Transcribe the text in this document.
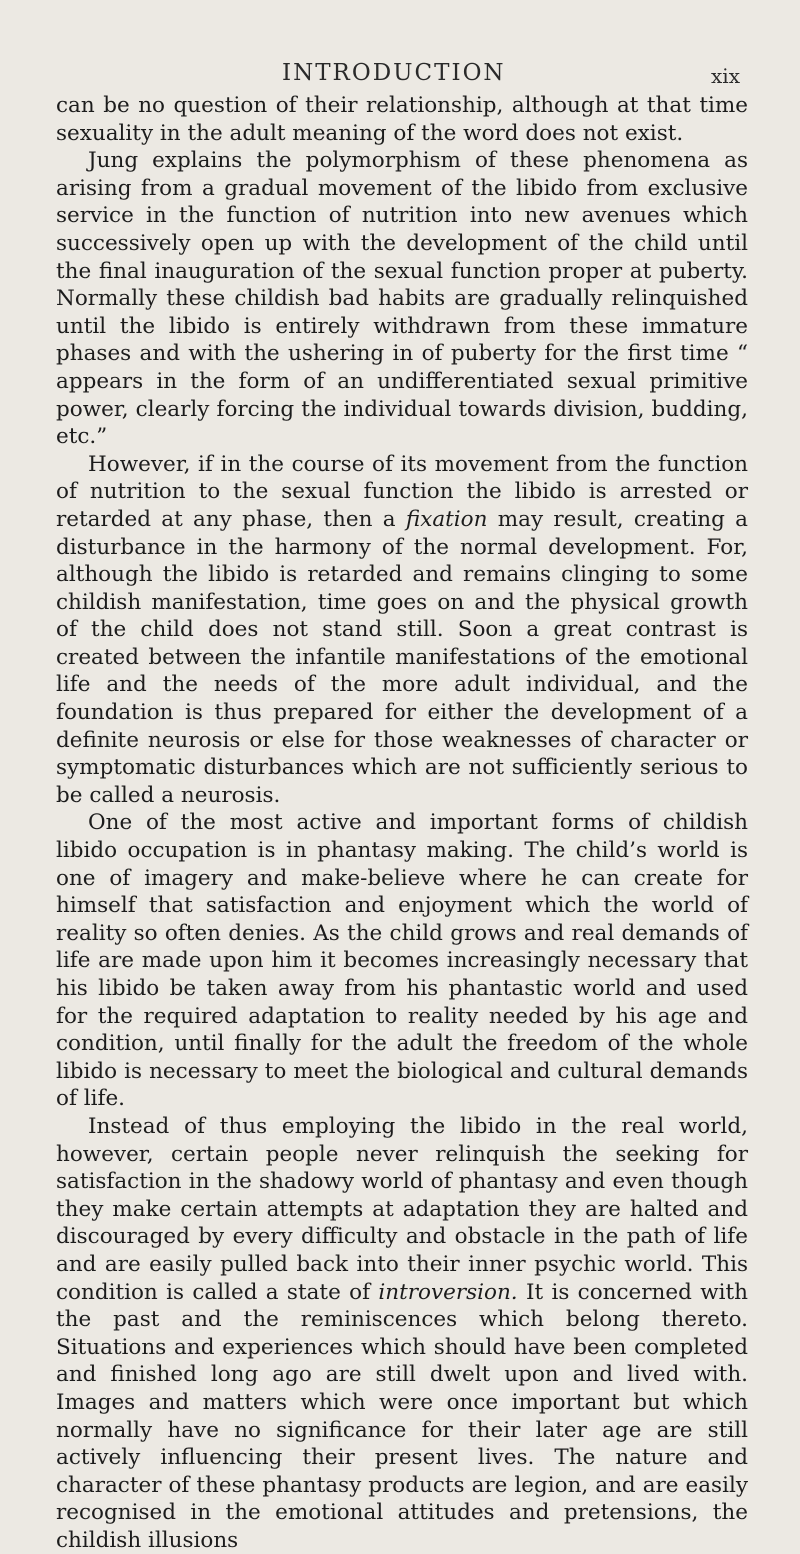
INTRODUCTION	xix

can be no question of their relationship, although at that time sexuality in the adult meaning of the word does not exist.

Jung explains the polymorphism of these phenomena as arising from a gradual movement of the libido from exclusive service in the function of nutrition into new avenues which successively open up with the development of the child until the final inauguration of the sexual function proper at puberty. Normally these childish bad habits are gradually relinquished until the libido is entirely withdrawn from these immature phases and with the ushering in of puberty for the first time “ appears in the form of an undifferentiated sexual primitive power, clearly forcing the individual towards division, budding, etc.”

However, if in the course of its movement from the function of nutrition to the sexual function the libido is arrested or retarded at any phase, then a fixation may result, creating a disturbance in the harmony of the normal development. For, although the libido is retarded and remains clinging to some childish manifestation, time goes on and the physical growth of the child does not stand still. Soon a great contrast is created between the infantile manifestations of the emotional life and the needs of the more adult individual, and the foundation is thus prepared for either the development of a definite neurosis or else for those weaknesses of character or symptomatic disturbances which are not sufficiently serious to be called a neurosis.

One of the most active and important forms of childish libido occupation is in phantasy making. The child’s world is one of imagery and make-believe where he can create for himself that satisfaction and enjoyment which the world of reality so often denies. As the child grows and real demands of life are made upon him it becomes increasingly necessary that his libido be taken away from his phantastic world and used for the required adaptation to reality needed by his age and condition, until finally for the adult the freedom of the whole libido is necessary to meet the biological and cultural demands of life.

Instead of thus employing the libido in the real world, however, certain people never relinquish the seeking for satisfaction in the shadowy world of phantasy and even though they make certain attempts at adaptation they are halted and discouraged by every difficulty and obstacle in the path of life and are easily pulled back into their inner psychic world. This condition is called a state of introversion. It is concerned with the past and the reminiscences which belong thereto. Situations and experiences which should have been completed and finished long ago are still dwelt upon and lived with. Images and matters which were once important but which normally have no significance for their later age are still actively influencing their present lives. The nature and character of these phantasy products are legion, and are easily recognised in the emotional attitudes and pretensions, the childish illusions
